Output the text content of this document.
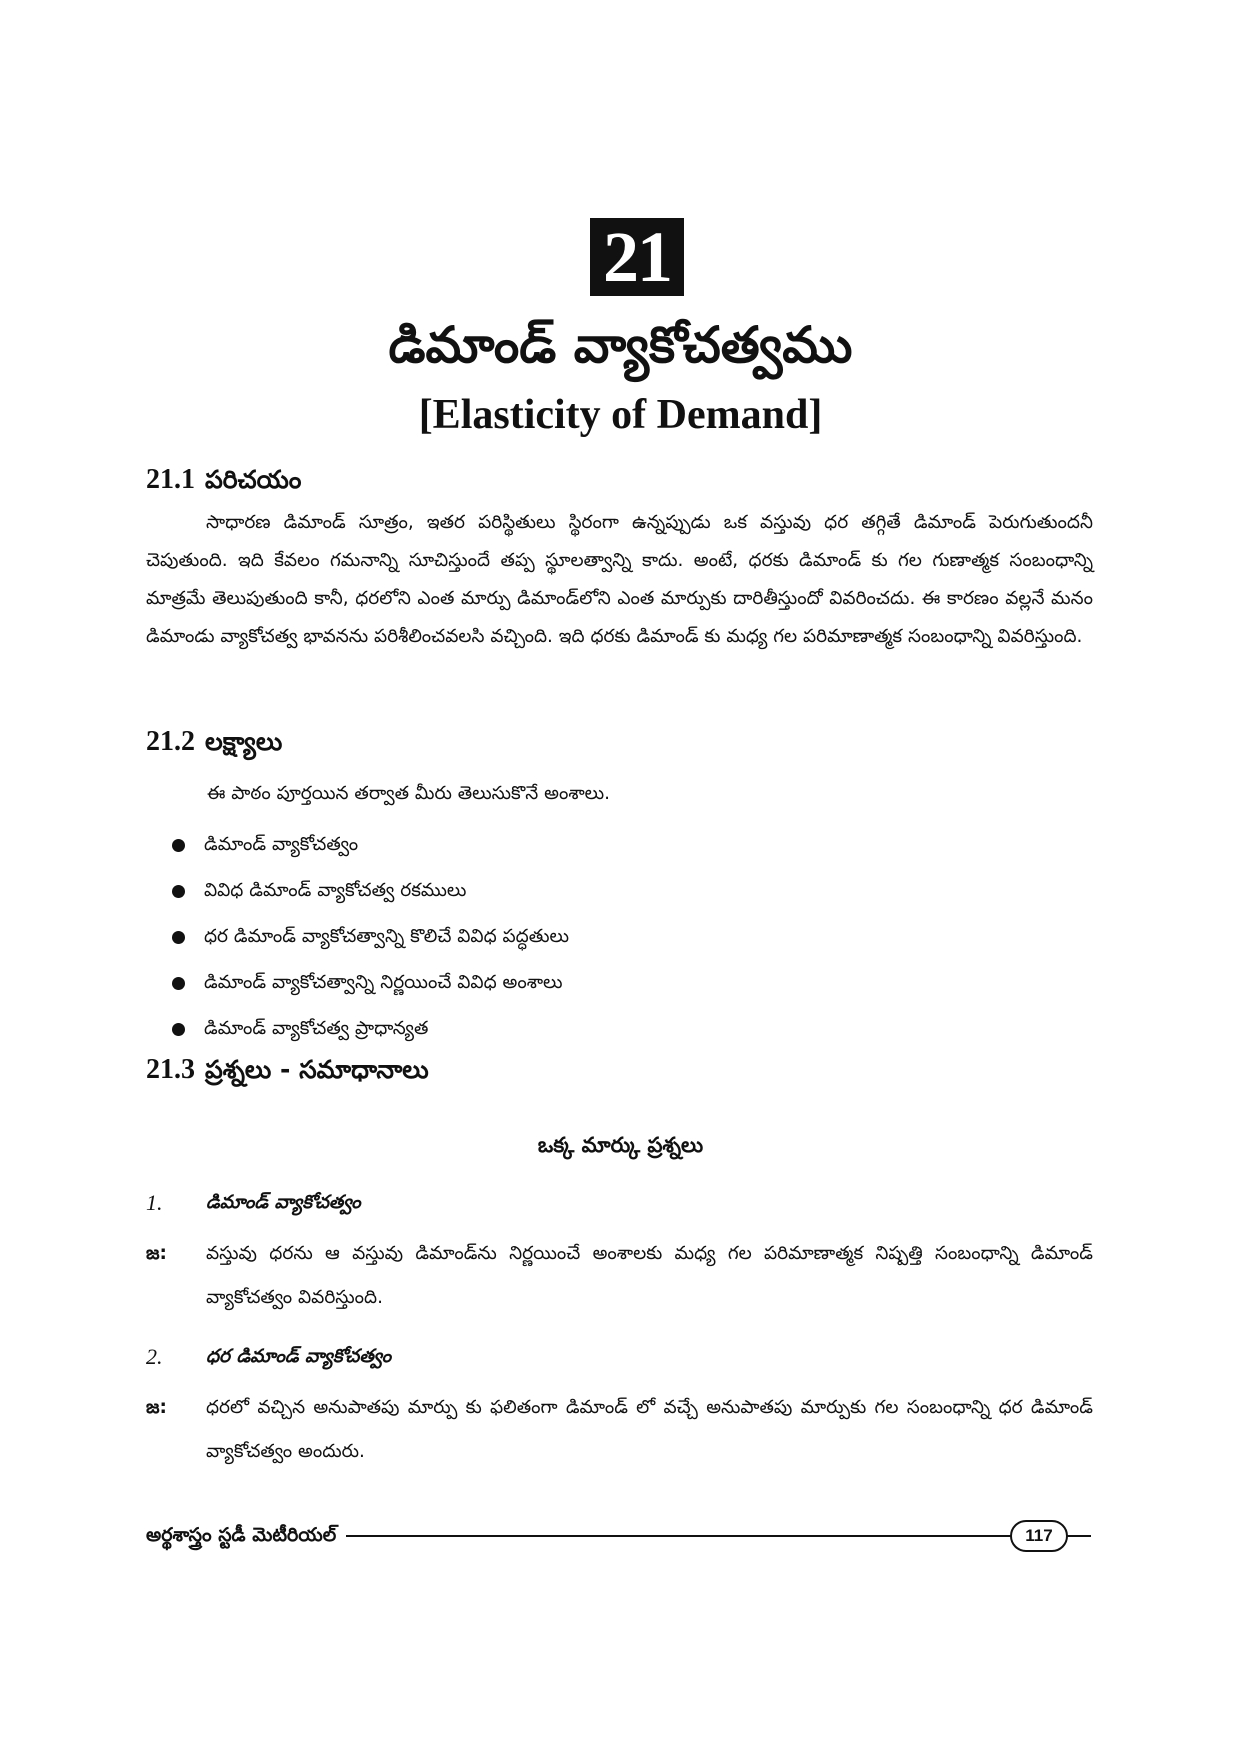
21
డిమాండ్ వ్యాకోచత్వము
[Elasticity of Demand]
21.1 పరిచయం

సాధారణ డిమాండ్ సూత్రం, ఇతర పరిస్థితులు స్థిరంగా ఉన్నప్పుడు ఒక వస్తువు ధర తగ్గితే డిమాండ్ పెరుగుతుందనీ చెపుతుంది. ఇది కేవలం గమనాన్ని సూచిస్తుందే తప్ప స్థూలత్వాన్ని కాదు. అంటే, ధరకు డిమాండ్ కు గల గుణాత్మక సంబంధాన్ని మాత్రమే తెలుపుతుంది కానీ, ధరలోని ఎంత మార్పు డిమాండ్‌లోని ఎంత మార్పుకు దారితీస్తుందో వివరించదు. ఈ కారణం వల్లనే మనం డిమాండు వ్యాకోచత్వ భావనను పరిశీలించవలసి వచ్చింది. ఇది ధరకు డిమాండ్ కు మధ్య గల పరిమాణాత్మక సంబంధాన్ని వివరిస్తుంది.

21.2 లక్ష్యాలు
ఈ పాఠం పూర్తయిన తర్వాత మీరు తెలుసుకొనే అంశాలు.
డిమాండ్ వ్యాకోచత్వం
వివిధ డిమాండ్ వ్యాకోచత్వ రకములు
ధర డిమాండ్ వ్యాకోచత్వాన్ని కొలిచే వివిధ పద్ధతులు
డిమాండ్ వ్యాకోచత్వాన్ని నిర్ణయించే వివిధ అంశాలు
డిమాండ్ వ్యాకోచత్వ ప్రాధాన్యత
21.3 ప్రశ్నలు - సమాధానాలు
ఒక్క మార్కు ప్రశ్నలు
1. డిమాండ్ వ్యాకోచత్వం
జ: వస్తువు ధరను ఆ వస్తువు డిమాండ్‌ను నిర్ణయించే అంశాలకు మధ్య గల పరిమాణాత్మక నిష్పత్తి సంబంధాన్ని డిమాండ్ వ్యాకోచత్వం వివరిస్తుంది.
2. ధర డిమాండ్ వ్యాకోచత్వం
జ: ధరలో వచ్చిన అనుపాతపు మార్పు కు ఫలితంగా డిమాండ్ లో వచ్చే అనుపాతపు మార్పుకు గల సంబంధాన్ని ధర డిమాండ్ వ్యాకోచత్వం అందురు.
అర్థశాస్త్రం స్టడీ మెటీరియల్	117
